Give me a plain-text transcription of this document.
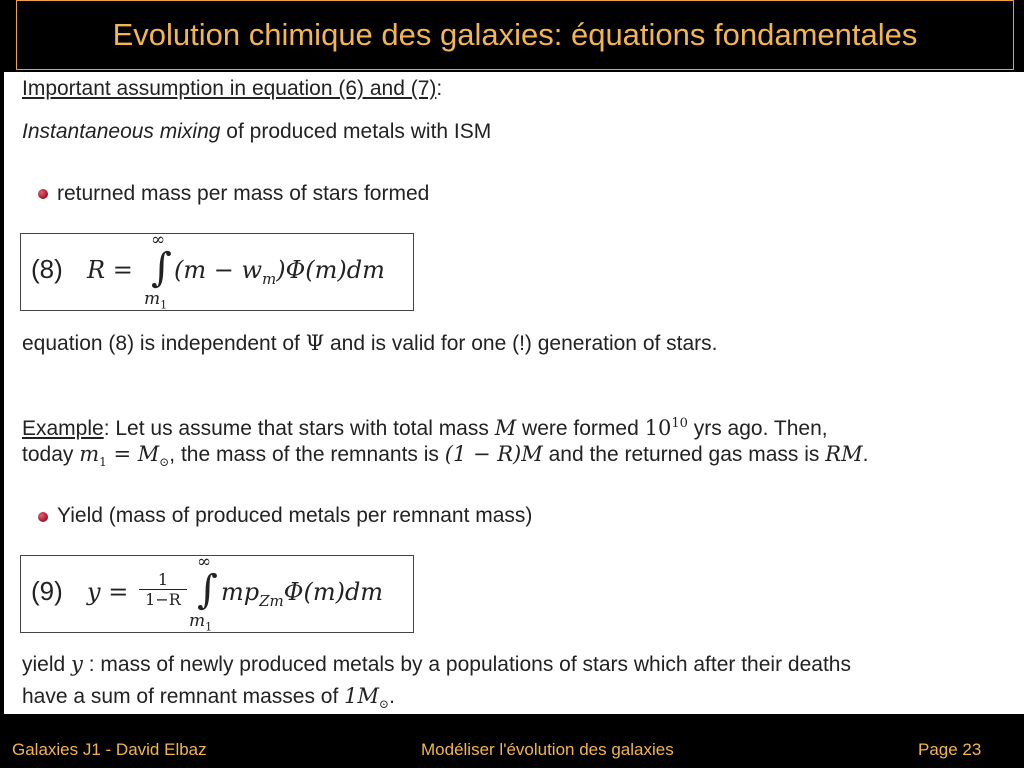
Evolution chimique des galaxies: équations fondamentales
Important assumption in equation (6) and (7):
Instantaneous mixing of produced metals with ISM
returned mass per mass of stars formed
(8) R =
∞
∫
$m_1$
$(m - w_m)\Phi(m)dm$
equation (8) is independent of Ψ and is valid for one (!) generation of stars.
Example: Let us assume that stars with total mass M were formed $10^{10}$ yrs ago. Then,
today $m_1 = M_⊙$, the mass of the remnants is (1 − R)M and the returned gas mass is RM.
Yield (mass of produced metals per remnant mass)
(9) $y = \frac{1}{1-R}$
∞
∫
$m_1$
$mp_{Zm}\Phi(m)dm$
yield y : mass of newly produced metals by a populations of stars which after their deaths
have a sum of remnant masses of $1M_⊙$.
Galaxies J1 - David Elbaz	Modéliser l'évolution des galaxies	Page 23
